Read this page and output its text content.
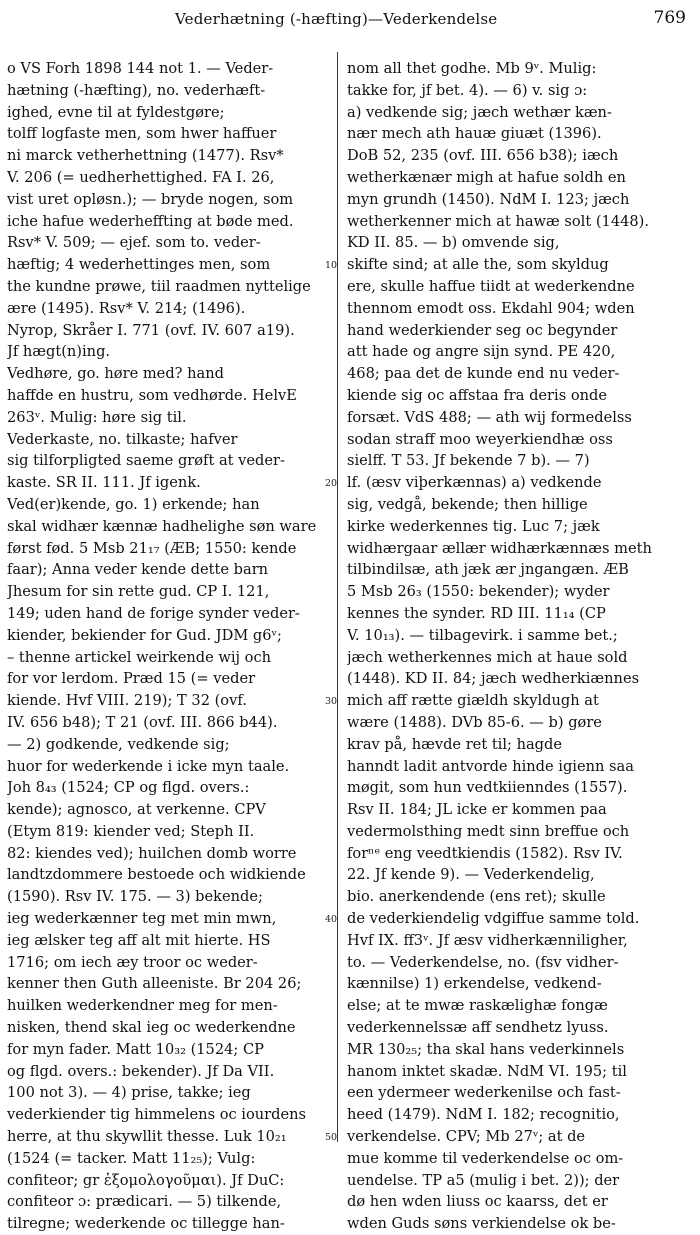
Vederhætning (-hæfting)—Vederkendelse	769
o VS Forh 1898 144 not 1. — Veder-
hætning (-hæfting), no. vederhæft-
ighed, evne til at fyldestgøre;
tolff logfaste men, som hwer haffuer
ni marck vetherhettning (1477). Rsv*
V. 206 (= uedherhettighed. FA I. 26,
vist uret opløsn.); — bryde nogen, som
iche hafue wederheffting at bøde med.
Rsv* V. 509; — ejef. som to. veder-
hæftig; 4 wederhettinges men, som
the kundne prøwe, tiil raadmen nyttelige
ære (1495). Rsv* V. 214; (1496).
Nyrop, Skråer I. 771 (ovf. IV. 607 a19).
Jf hægt(n)ing.
Vedhøre, go. høre med? hand
haffde en hustru, som vedhørde. HelvE
263ᵛ. Mulig: høre sig til.
Vederkaste, no. tilkaste; hafver
sig tilforpligted saeme grøft at veder-
kaste. SR II. 111. Jf igenk.
Ved(er)kende, go. 1) erkende; han
skal widhær kænnæ hadhelighe søn ware
først fød. 5 Msb 21₁₇ (ÆB; 1550: kende
faar); Anna veder kende dette barn
Jhesum for sin rette gud. CP I. 121,
149; uden hand de forige synder veder-
kiender, bekiender for Gud. JDM g6ᵛ;
– thenne artickel weirkende wij och
for vor lerdom. Præd 15 (= veder
kiende. Hvf VIII. 219); T 32 (ovf.
IV. 656 b48); T 21 (ovf. III. 866 b44).
— 2) godkende, vedkende sig;
huor for wederkende i icke myn taale.
Joh 8₄₃ (1524; CP og flgd. overs.:
kende); agnosco, at verkenne. CPV
(Etym 819: kiender ved; Steph II.
82: kiendes ved); huilchen domb worre
landtzdommere bestoede och widkiende
(1590). Rsv IV. 175. — 3) bekende;
ieg wederkænner teg met min mwn,
ieg ælsker teg aff alt mit hierte. HS
1716; om iech æy troor oc weder-
kenner then Guth alleeniste. Br 204 26;
huilken wederkendner meg for men-
nisken, thend skal ieg oc wederkendne
for myn fader. Matt 10₃₂ (1524; CP
og flgd. overs.: bekender). Jf Da VII.
100 not 3). — 4) prise, takke; ieg
vederkiender tig himmelens oc iourdens
herre, at thu skywllit thesse. Luk 10₂₁
(1524 (= tacker. Matt 11₂₅); Vulg:
confiteor; gr ἐξομολογοῦμαι). Jf DuC:
confiteor ɔ: prædicari. — 5) tilkende,
tilregne; wederkende oc tillegge han-
nom all thet godhe. Mb 9ᵛ. Mulig:
takke for, jf bet. 4). — 6) v. sig ɔ:
a) vedkende sig; jæch wethær kæn-
nær mech ath hauæ giuæt (1396).
DoB 52, 235 (ovf. III. 656 b38); iæch
wetherkænær migh at hafue soldh en
myn grundh (1450). NdM I. 123; jæch
wetherkenner mich at hawæ solt (1448).
KD II. 85. — b) omvende sig,
skifte sind; at alle the, som skyldug
ere, skulle haffue tiidt at wederkendne
thennom emodt oss. Ekdahl 904; wden
hand wederkiender seg oc begynder
att hade og angre sijn synd. PE 420,
468; paa det de kunde end nu veder-
kiende sig oc affstaa fra deris onde
forsæt. VdS 488; — ath wij formedelss
sodan straff moo weyerkiendhæ oss
sielff. T 53. Jf bekende 7 b). — 7)
lf. (æsv viþerkænnas) a) vedkende
sig, vedgå, bekende; then hillige
kirke wederkennes tig. Luc 7; jæk
widhærgaar ællær widhærkænnæs meth
tilbindilsæ, ath jæk ær jngangæn. ÆB
5 Msb 26₃ (1550: bekender); wyder
kennes the synder. RD III. 11₁₄ (CP
V. 10₁₃). — tilbagevirk. i samme bet.;
jæch wetherkennes mich at haue sold
(1448). KD II. 84; jæch wedherkiænnes
mich aff rætte giældh skyldugh at
wære (1488). DVb 85-6. — b) gøre
krav på, hævde ret til; hagde
hanndt ladit antvorde hinde igienn saa
møgit, som hun vedtkiienndes (1557).
Rsv II. 184; JL icke er kommen paa
vedermolsthing medt sinn breffue och
forⁿᵉ eng veedtkiendis (1582). Rsv IV.
22. Jf kende 9). — Vederkendelig,
bio. anerkendende (ens ret); skulle
de vederkiendelig vdgiffue samme told.
Hvf IX. ff3ᵛ. Jf æsv vidherkænniligher,
to. — Vederkendelse, no. (fsv vidher-
kænnilse) 1) erkendelse, vedkend-
else; at te mwæ raskælighæ fongæ
vederkennelssæ aff sendhetz lyuss.
MR 130₂₅; tha skal hans vederkinnels
hanom inktet skadæ. NdM VI. 195; til
een ydermeer wederkenilse och fast-
heed (1479). NdM I. 182; recognitio,
verkendelse. CPV; Mb 27ᵛ; at de
mue komme til vederkendelse oc om-
uendelse. TP a5 (mulig i bet. 2)); der
dø hen wden liuss oc kaarss, det er
wden Guds søns verkiendelse ok be-
10
20
30
40
50
